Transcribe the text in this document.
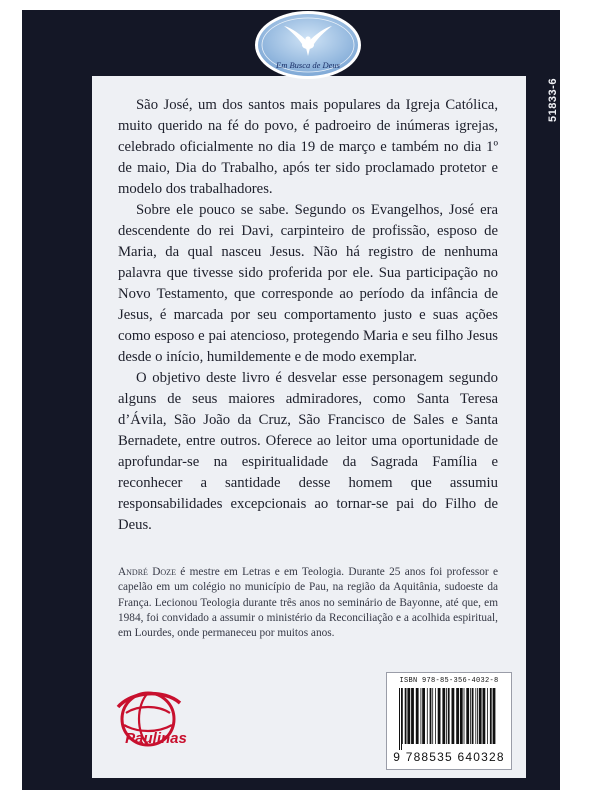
Em Busca de Deus
51833-6

São José, um dos santos mais populares da Igreja Católica, muito querido na fé do povo, é padroeiro de inúmeras igrejas, celebrado oficialmente no dia 19 de março e também no dia 1º de maio, Dia do Trabalho, após ter sido proclamado protetor e modelo dos trabalhadores.

Sobre ele pouco se sabe. Segundo os Evangelhos, José era descendente do rei Davi, carpinteiro de profissão, esposo de Maria, da qual nasceu Jesus. Não há registro de nenhuma palavra que tivesse sido proferida por ele. Sua participação no Novo Testamento, que corresponde ao período da infância de Jesus, é marcada por seu comportamento justo e suas ações como esposo e pai atencioso, protegendo Maria e seu filho Jesus desde o início, humildemente e de modo exemplar.

O objetivo deste livro é desvelar esse personagem segundo alguns de seus maiores admiradores, como Santa Teresa d’Ávila, São João da Cruz, São Francisco de Sales e Santa Bernadete, entre outros. Oferece ao leitor uma oportunidade de aprofundar-se na espiritualidade da Sagrada Família e reconhecer a santidade desse homem que assumiu responsabilidades excepcionais ao tornar-se pai do Filho de Deus.

André Doze é mestre em Letras e em Teologia. Durante 25 anos foi professor e capelão em um colégio no município de Pau, na região da Aquitânia, sudoeste da França. Lecionou Teologia durante três anos no seminário de Bayonne, até que, em 1984, foi convidado a assumir o ministério da Reconciliação e a acolhida espiritual, em Lourdes, onde permaneceu por muitos anos.
Paulinas
ISBN 978-85-356-4032-8
9 788535 640328
